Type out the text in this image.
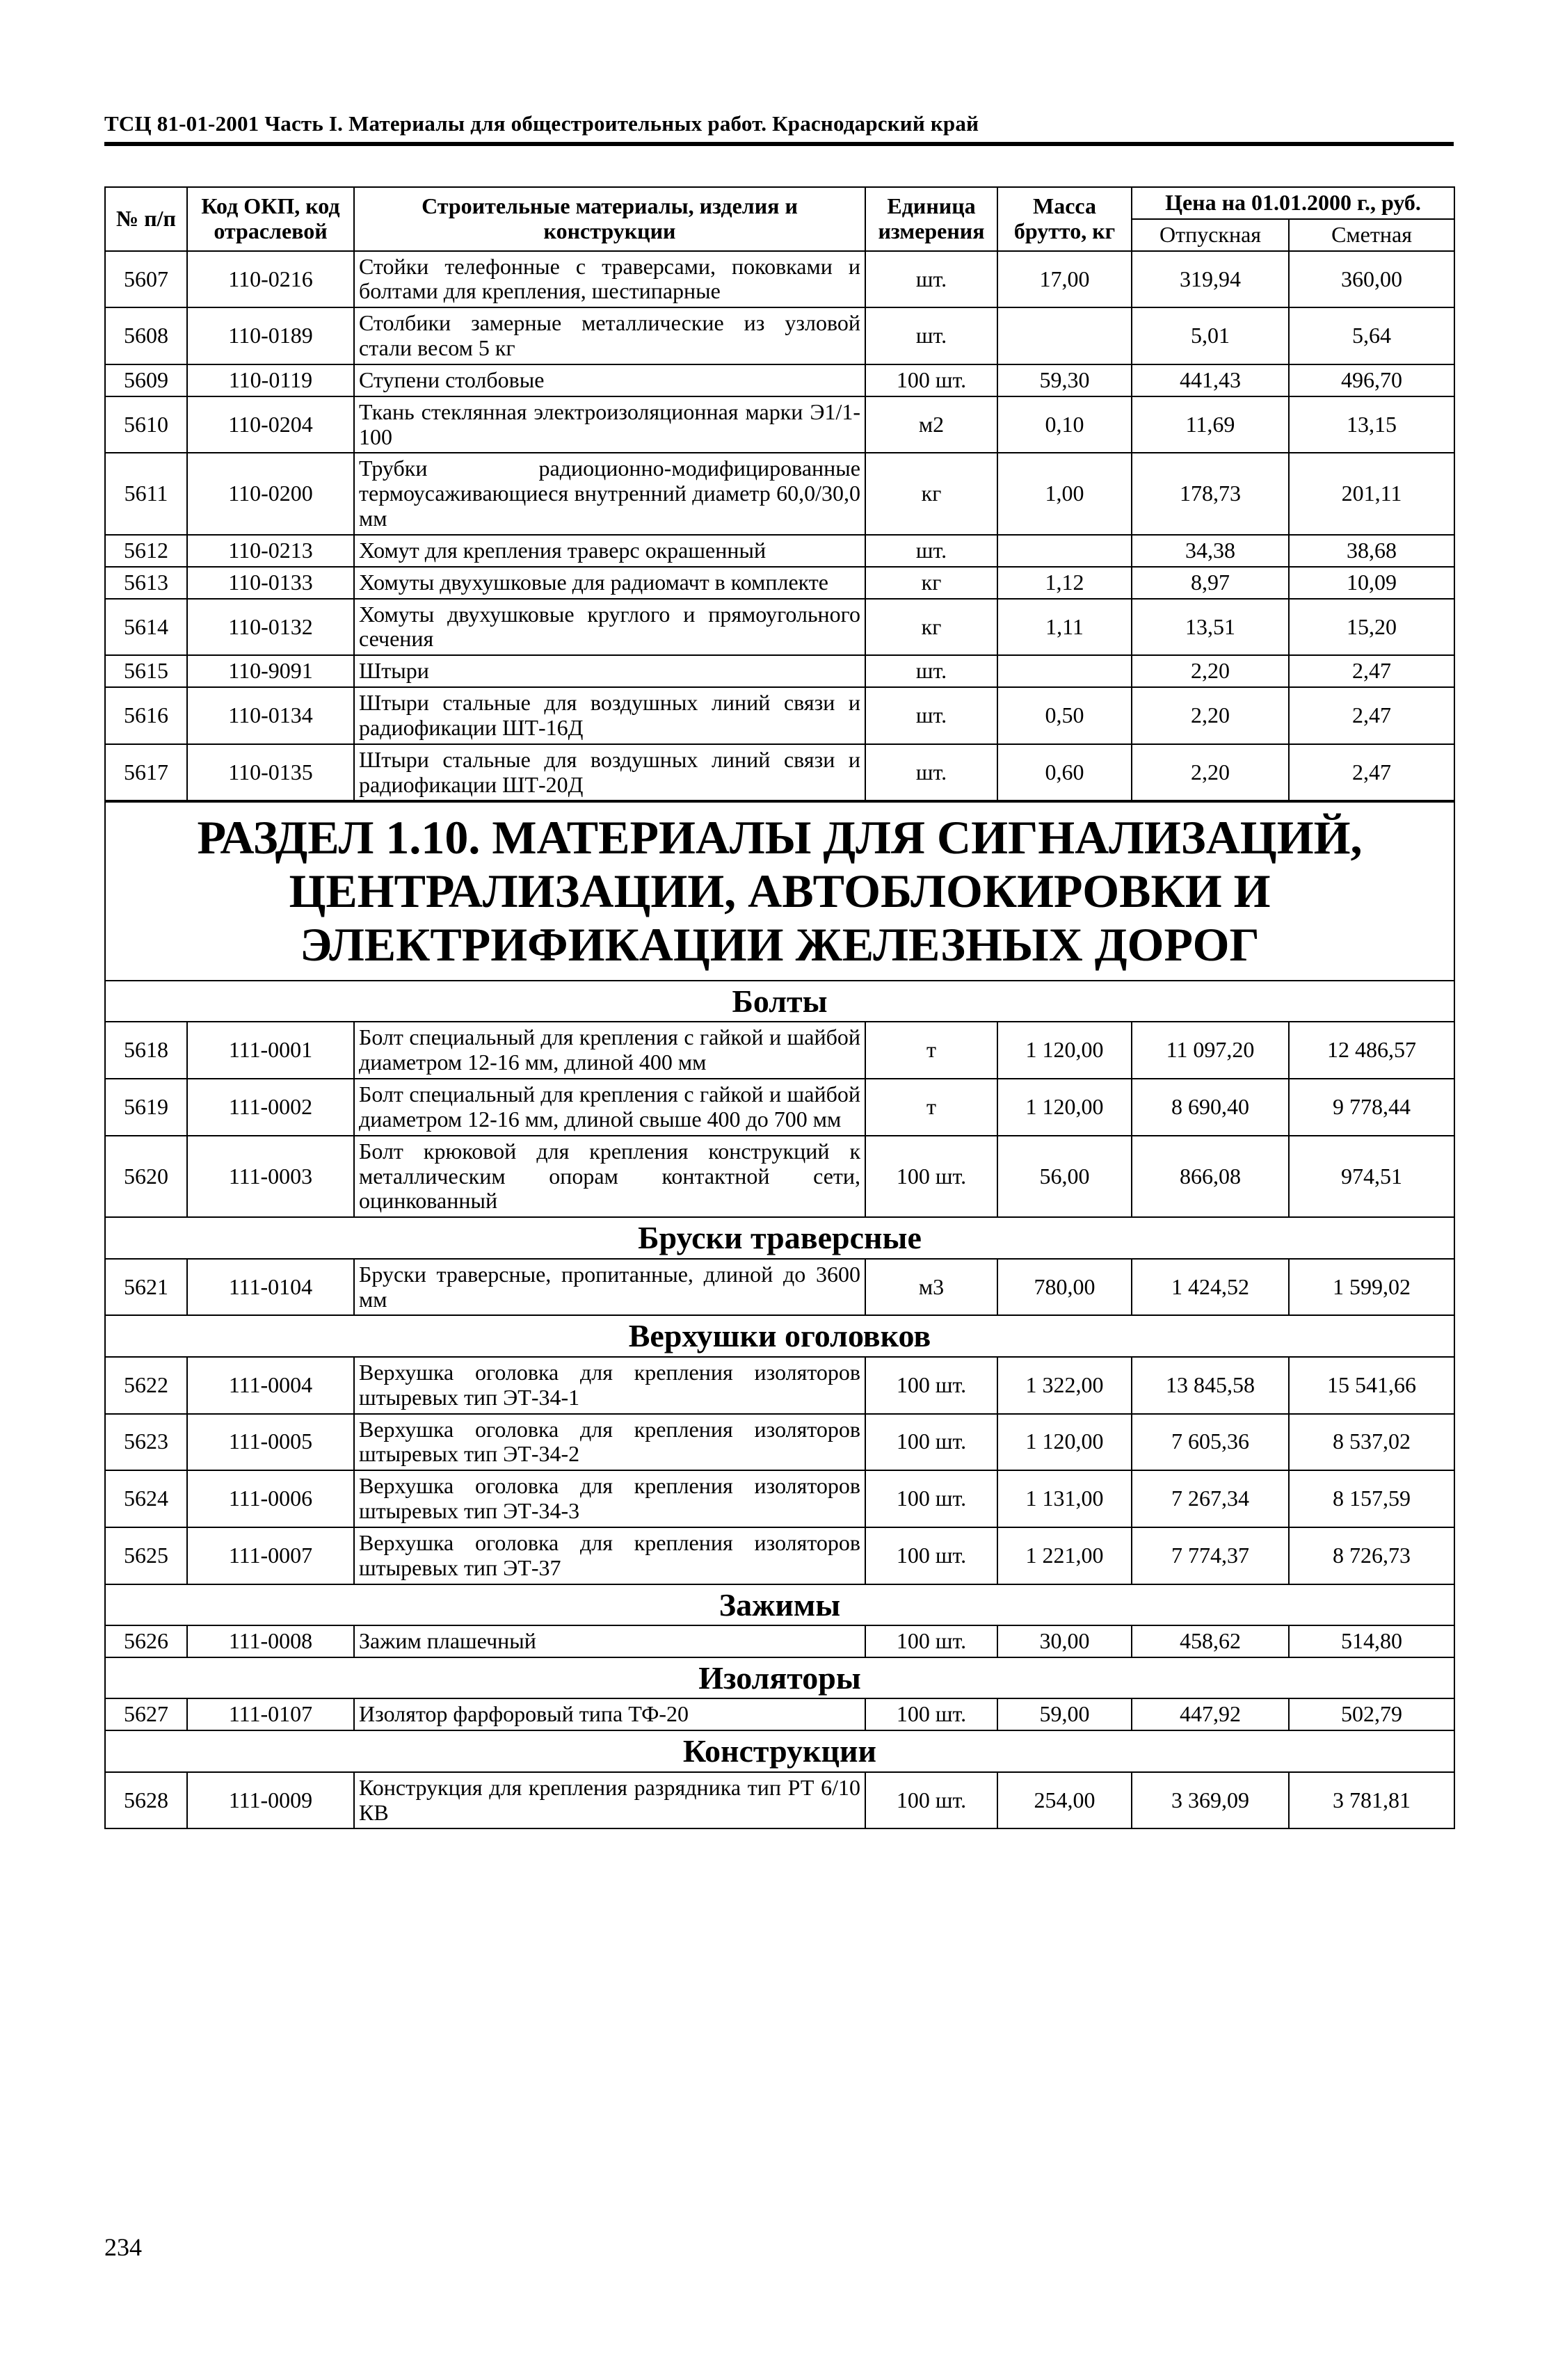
ТСЦ 81-01-2001 Часть I. Материалы для общестроительных работ. Краснодарский край
№ п/п	Код ОКП, код отраслевой	Строительные материалы, изделия и конструкции	Единица измерения	Масса брутто, кг	Цена на 01.01.2000 г., руб.	
					Отпускная	Сметная
5607	110-0216	Стойки телефонные с траверсами, поковками и болтами для крепления, шестипарные	шт.	17,00	319,94	360,00
5608	110-0189	Столбики замерные металлические из узловой стали весом 5 кг	шт.		5,01	5,64
5609	110-0119	Ступени столбовые	100 шт.	59,30	441,43	496,70
5610	110-0204	Ткань стеклянная электроизоляционная марки Э1/1-100	м2	0,10	11,69	13,15
5611	110-0200	Трубки радиоционно-модифицированные термоусаживающиеся внутренний диаметр 60,0/30,0 мм	кг	1,00	178,73	201,11
5612	110-0213	Хомут для крепления траверс окрашенный	шт.		34,38	38,68
5613	110-0133	Хомуты двухушковые для радиомачт в комплекте	кг	1,12	8,97	10,09
5614	110-0132	Хомуты двухушковые круглого и прямоугольного сечения	кг	1,11	13,51	15,20
5615	110-9091	Штыри	шт.		2,20	2,47
5616	110-0134	Штыри стальные для воздушных линий связи и радиофикации ШТ-16Д	шт.	0,50	2,20	2,47
5617	110-0135	Штыри стальные для воздушных линий связи и радиофикации ШТ-20Д	шт.	0,60	2,20	2,47
РАЗДЕЛ 1.10. МАТЕРИАЛЫ ДЛЯ СИГНАЛИЗАЦИЙ, ЦЕНТРАЛИЗАЦИИ, АВТОБЛОКИРОВКИ И ЭЛЕКТРИФИКАЦИИ ЖЕЛЕЗНЫХ ДОРОГ						
Болты						
5618	111-0001	Болт специальный для крепления с гайкой и шайбой диаметром 12-16 мм, длиной 400 мм	т	1 120,00	11 097,20	12 486,57
5619	111-0002	Болт специальный для крепления с гайкой и шайбой диаметром 12-16 мм, длиной свыше 400 до 700 мм	т	1 120,00	8 690,40	9 778,44
5620	111-0003	Болт крюковой для крепления конструкций к металлическим опорам контактной сети, оцинкованный	100 шт.	56,00	866,08	974,51
Бруски траверсные						
5621	111-0104	Бруски траверсные, пропитанные, длиной до 3600 мм	м3	780,00	1 424,52	1 599,02
Верхушки оголовков						
5622	111-0004	Верхушка оголовка для крепления изоляторов штыревых тип ЭТ-34-1	100 шт.	1 322,00	13 845,58	15 541,66
5623	111-0005	Верхушка оголовка для крепления изоляторов штыревых тип ЭТ-34-2	100 шт.	1 120,00	7 605,36	8 537,02
5624	111-0006	Верхушка оголовка для крепления изоляторов штыревых тип ЭТ-34-3	100 шт.	1 131,00	7 267,34	8 157,59
5625	111-0007	Верхушка оголовка для крепления изоляторов штыревых тип ЭТ-37	100 шт.	1 221,00	7 774,37	8 726,73
Зажимы						
5626	111-0008	Зажим плашечный	100 шт.	30,00	458,62	514,80
Изоляторы						
5627	111-0107	Изолятор фарфоровый типа ТФ-20	100 шт.	59,00	447,92	502,79
Конструкции						
5628	111-0009	Конструкция для крепления разрядника тип РТ 6/10 КВ	100 шт.	254,00	3 369,09	3 781,81
234
